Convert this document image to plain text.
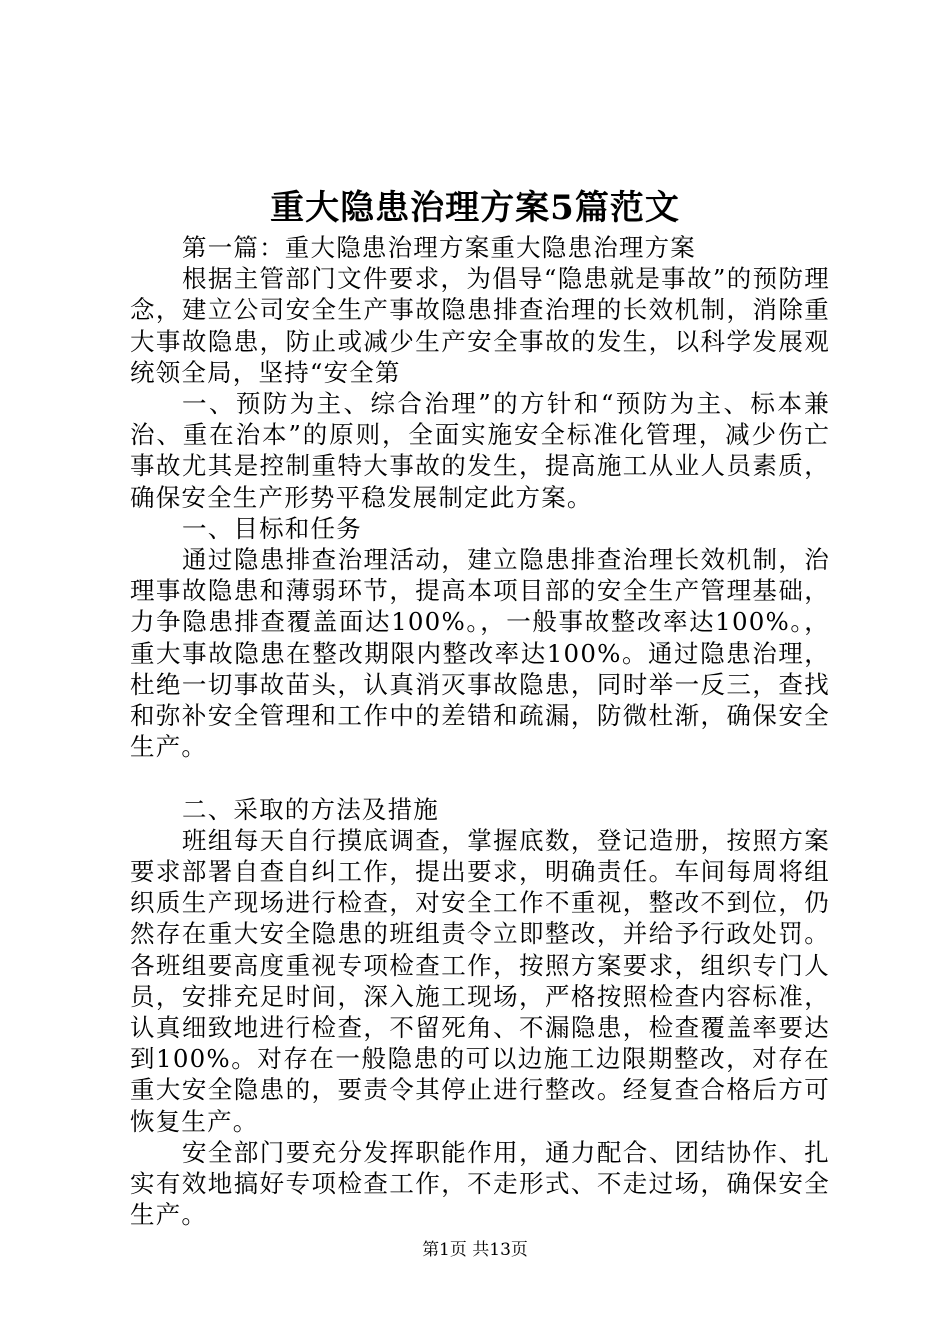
重大隐患治理方案5篇范文

第一篇：重大隐患治理方案重大隐患治理方案

根据主管部门文件要求，为倡导“隐患就是事故”的预防理念，建立公司安全生产事故隐患排查治理的长效机制，消除重大事故隐患，防止或减少生产安全事故的发生，以科学发展观统领全局，坚持“安全第

一、预防为主、综合治理”的方针和“预防为主、标本兼治、重在治本”的原则，全面实施安全标准化管理，减少伤亡事故尤其是控制重特大事故的发生，提高施工从业人员素质，确保安全生产形势平稳发展制定此方案。

一、目标和任务

通过隐患排查治理活动，建立隐患排查治理长效机制，治理事故隐患和薄弱环节，提高本项目部的安全生产管理基础，力争隐患排查覆盖面达100%。，一般事故整改率达100%。，重大事故隐患在整改期限内整改率达100%。通过隐患治理，杜绝一切事故苗头，认真消灭事故隐患，同时举一反三，查找和弥补安全管理和工作中的差错和疏漏，防微杜渐，确保安全生产。

二、采取的方法及措施

班组每天自行摸底调查，掌握底数，登记造册，按照方案要求部署自查自纠工作，提出要求，明确责任。车间每周将组织质生产现场进行检查，对安全工作不重视，整改不到位，仍然存在重大安全隐患的班组责令立即整改，并给予行政处罚。各班组要高度重视专项检查工作，按照方案要求，组织专门人员，安排充足时间，深入施工现场，严格按照检查内容标准，认真细致地进行检查，不留死角、不漏隐患，检查覆盖率要达到100%。对存在一般隐患的可以边施工边限期整改，对存在重大安全隐患的，要责令其停止进行整改。经复查合格后方可恢复生产。

安全部门要充分发挥职能作用，通力配合、团结协作、扎实有效地搞好专项检查工作，不走形式、不走过场，确保安全生产。

第1页 共13页
